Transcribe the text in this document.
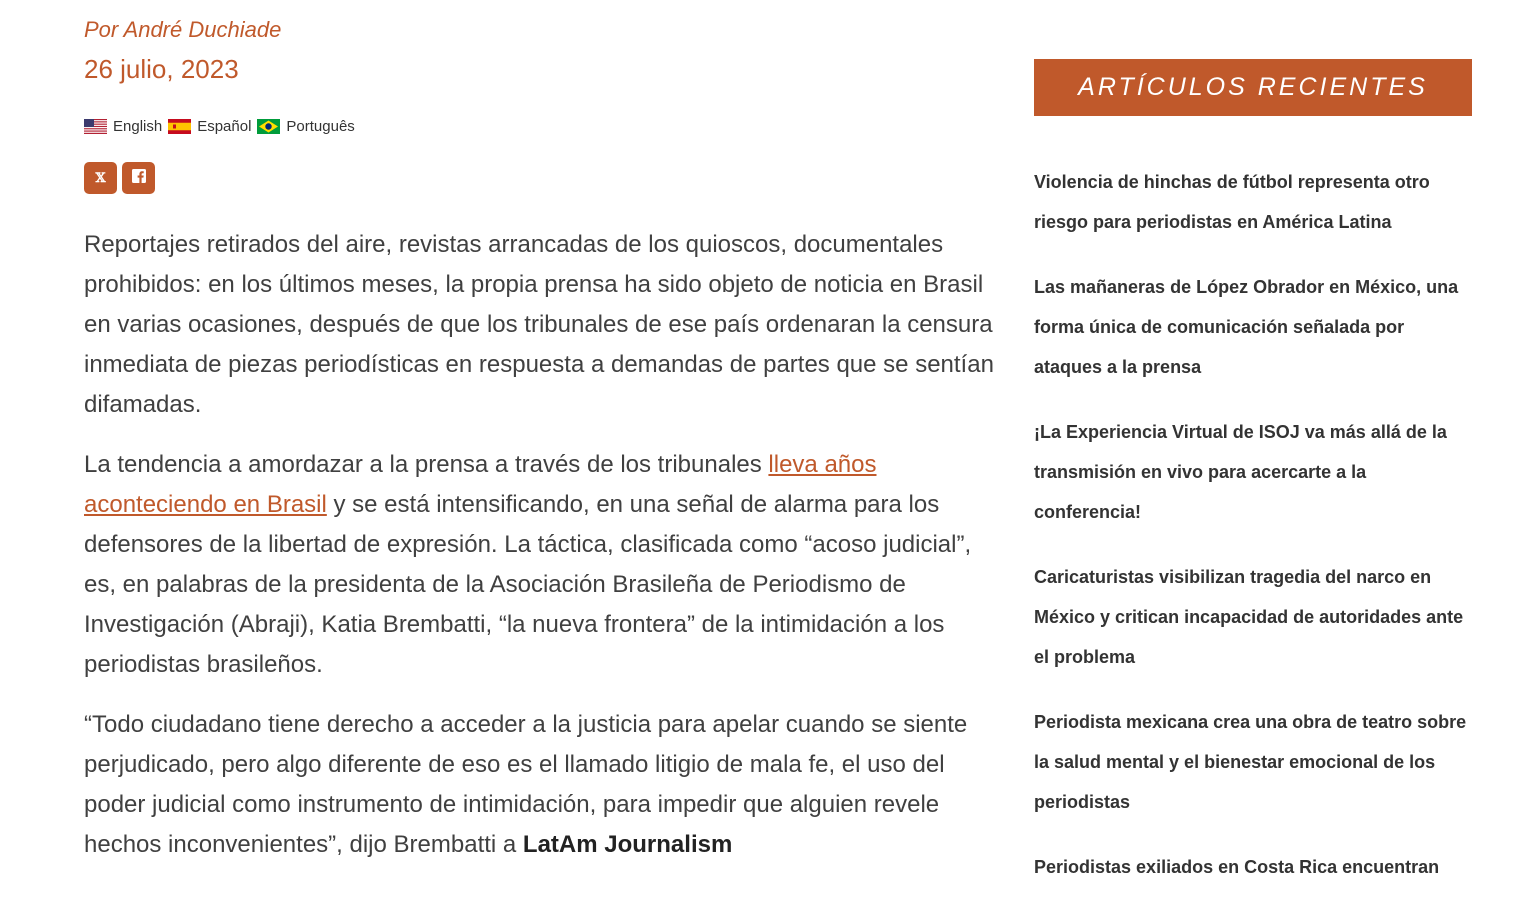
Por André Duchiade
26 julio, 2023
English Español Português
𝕏

Reportajes retirados del aire, revistas arrancadas de los quioscos, documentales prohibidos: en los últimos meses, la propia prensa ha sido objeto de noticia en Brasil en varias ocasiones, después de que los tribunales de ese país ordenaran la censura inmediata de piezas periodísticas en respuesta a demandas de partes que se sentían difamadas.

La tendencia a amordazar a la prensa a través de los tribunales lleva años aconteciendo en Brasil y se está intensificando, en una señal de alarma para los defensores de la libertad de expresión. La táctica, clasificada como “acoso judicial”, es, en palabras de la presidenta de la Asociación Brasileña de Periodismo de Investigación (Abraji), Katia Brembatti, “la nueva frontera” de la intimidación a los periodistas brasileños.

“Todo ciudadano tiene derecho a acceder a la justicia para apelar cuando se siente perjudicado, pero algo diferente de eso es el llamado litigio de mala fe, el uso del poder judicial como instrumento de intimidación, para impedir que alguien revele hechos inconvenientes”, dijo Brembatti a LatAm Journalism

ARTÍCULOS RECIENTES
Violencia de hinchas de fútbol representa otro riesgo para periodistas en América Latina
Las mañaneras de López Obrador en México, una forma única de comunicación señalada por ataques a la prensa
¡La Experiencia Virtual de ISOJ va más allá de la transmisión en vivo para acercarte a la conferencia!
Caricaturistas visibilizan tragedia del narco en México y critican incapacidad de autoridades ante el problema
Periodista mexicana crea una obra de teatro sobre la salud mental y el bienestar emocional de los periodistas
Periodistas exiliados en Costa Rica encuentran
